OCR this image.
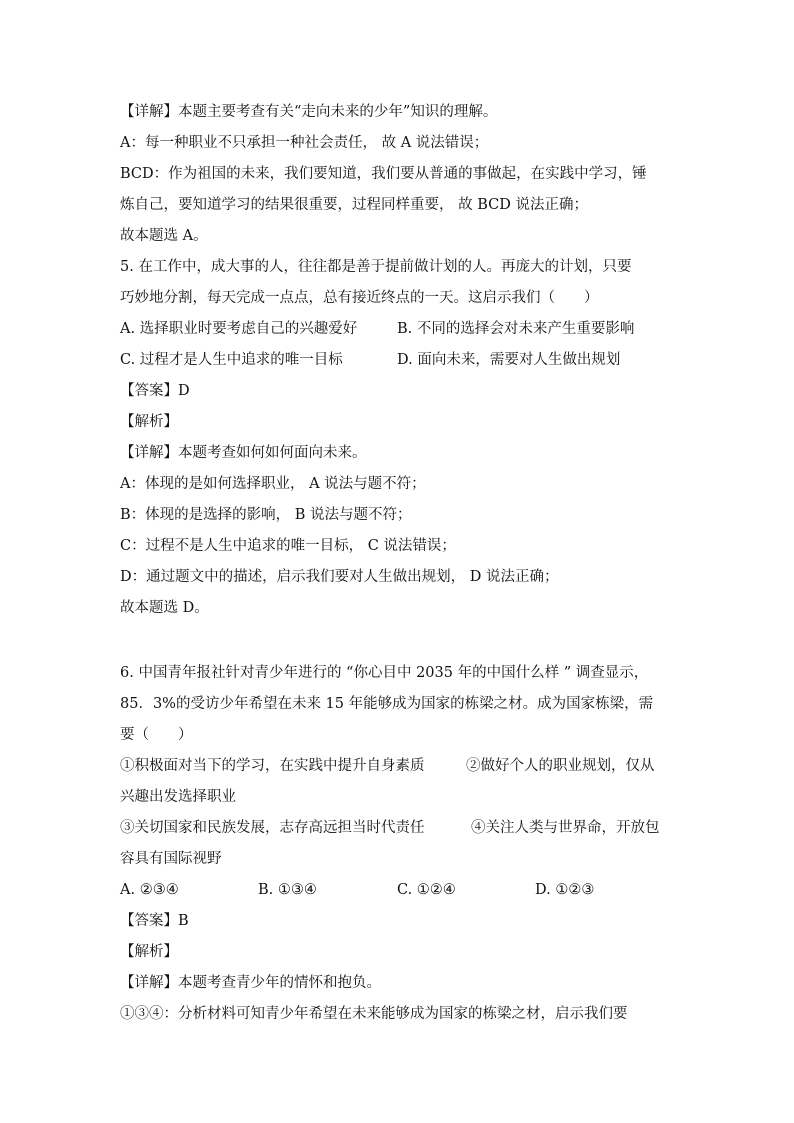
【详解】本题主要考查有关“走向未来的少年”知识的理解。
A：每一种职业不只承担一种社会责任， 故 A 说法错误；
BCD：作为祖国的未来，我们要知道，我们要从普通的事做起，在实践中学习，锤
炼自己，要知道学习的结果很重要，过程同样重要， 故 BCD 说法正确；
故本题选 A。
5. 在工作中，成大事的人，往往都是善于提前做计划的人。再庞大的计划，只要
巧妙地分割，每天完成一点点，总有接近终点的一天。这启示我们（　　）
A. 选择职业时要考虑自己的兴趣爱好	B. 不同的选择会对未来产生重要影响
C. 过程才是人生中追求的唯一目标	D. 面向未来，需要对人生做出规划
【答案】D
【解析】
【详解】本题考查如何如何面向未来。
A：体现的是如何选择职业， A 说法与题不符；
B：体现的是选择的影响， B 说法与题不符；
C：过程不是人生中追求的唯一目标， C 说法错误；
D：通过题文中的描述，启示我们要对人生做出规划， D 说法正确；
故本题选 D。
6. 中国青年报社针对青少年进行的 “你心目中 2035 年的中国什么样 ” 调查显示，
85．3%的受访少年希望在未来 15 年能够成为国家的栋梁之材。成为国家栋梁，需
要（　　）
①积极面对当下的学习，在实践中提升自身素质	②做好个人的职业规划，仅从
兴趣出发选择职业
③关切国家和民族发展，志存高远担当时代责任	④关注人类与世界命，开放包
容具有国际视野
A. ②③④	B. ①③④	C. ①②④	D. ①②③
【答案】B
【解析】
【详解】本题考查青少年的情怀和抱负。
①③④：分析材料可知青少年希望在未来能够成为国家的栋梁之材，启示我们要
